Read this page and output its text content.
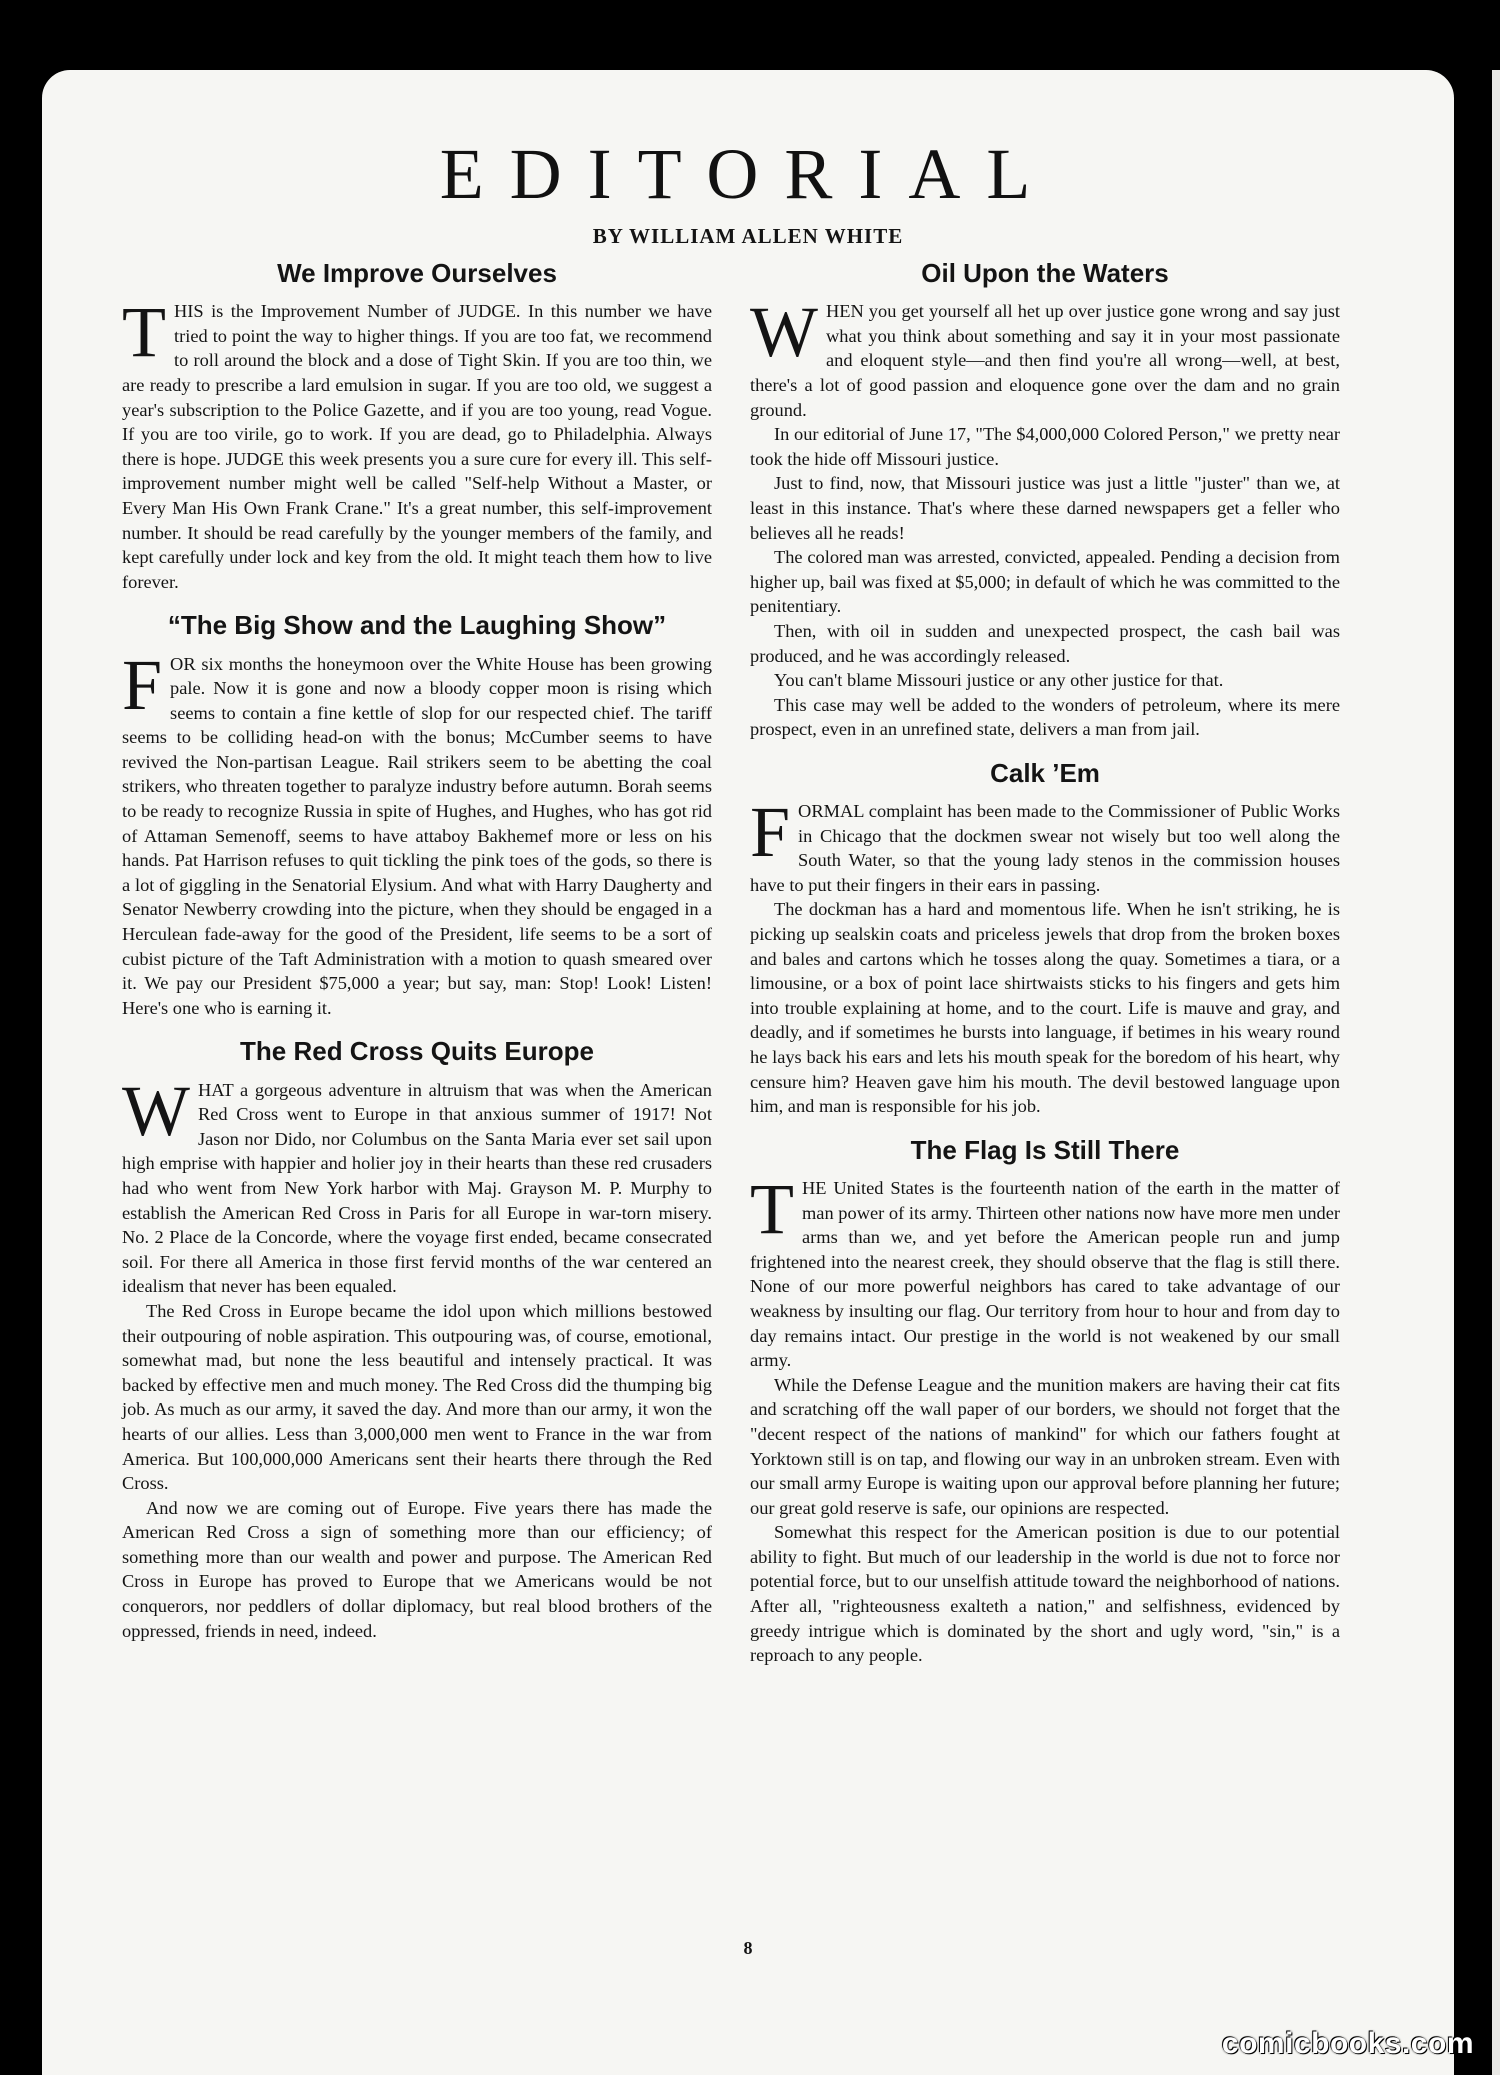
EDITORIAL
BY WILLIAM ALLEN WHITE
We Improve Ourselves

THIS is the Improvement Number of JUDGE. In this number we have tried to point the way to higher things. If you are too fat, we recommend to roll around the block and a dose of Tight Skin. If you are too thin, we are ready to prescribe a lard emulsion in sugar. If you are too old, we suggest a year's subscription to the Police Gazette, and if you are too young, read Vogue. If you are too virile, go to work. If you are dead, go to Philadelphia. Always there is hope. JUDGE this week presents you a sure cure for every ill. This self-improvement number might well be called "Self-help Without a Master, or Every Man His Own Frank Crane." It's a great number, this self-improvement number. It should be read carefully by the younger members of the family, and kept carefully under lock and key from the old. It might teach them how to live forever.

“The Big Show and the Laughing Show”

FOR six months the honeymoon over the White House has been growing pale. Now it is gone and now a bloody copper moon is rising which seems to contain a fine kettle of slop for our respected chief. The tariff seems to be colliding head-on with the bonus; McCumber seems to have revived the Non-partisan League. Rail strikers seem to be abetting the coal strikers, who threaten together to paralyze industry before autumn. Borah seems to be ready to recognize Russia in spite of Hughes, and Hughes, who has got rid of Attaman Semenoff, seems to have attaboy Bakhemef more or less on his hands. Pat Harrison refuses to quit tickling the pink toes of the gods, so there is a lot of giggling in the Senatorial Elysium. And what with Harry Daugherty and Senator Newberry crowding into the picture, when they should be engaged in a Herculean fade-away for the good of the President, life seems to be a sort of cubist picture of the Taft Administration with a motion to quash smeared over it. We pay our President $75,000 a year; but say, man: Stop! Look! Listen! Here's one who is earning it.

The Red Cross Quits Europe

WHAT a gorgeous adventure in altruism that was when the American Red Cross went to Europe in that anxious summer of 1917! Not Jason nor Dido, nor Columbus on the Santa Maria ever set sail upon high emprise with happier and holier joy in their hearts than these red crusaders had who went from New York harbor with Maj. Grayson M. P. Murphy to establish the American Red Cross in Paris for all Europe in war-torn misery. No. 2 Place de la Concorde, where the voyage first ended, became consecrated soil. For there all America in those first fervid months of the war centered an idealism that never has been equaled.

The Red Cross in Europe became the idol upon which millions bestowed their outpouring of noble aspiration. This outpouring was, of course, emotional, somewhat mad, but none the less beautiful and intensely practical. It was backed by effective men and much money. The Red Cross did the thumping big job. As much as our army, it saved the day. And more than our army, it won the hearts of our allies. Less than 3,000,000 men went to France in the war from America. But 100,000,000 Americans sent their hearts there through the Red Cross.

And now we are coming out of Europe. Five years there has made the American Red Cross a sign of something more than our efficiency; of something more than our wealth and power and purpose. The American Red Cross in Europe has proved to Europe that we Americans would be not conquerors, nor peddlers of dollar diplomacy, but real blood brothers of the oppressed, friends in need, indeed.

Oil Upon the Waters

WHEN you get yourself all het up over justice gone wrong and say just what you think about something and say it in your most passionate and eloquent style—and then find you're all wrong—well, at best, there's a lot of good passion and eloquence gone over the dam and no grain ground.

In our editorial of June 17, "The $4,000,000 Colored Person," we pretty near took the hide off Missouri justice.

Just to find, now, that Missouri justice was just a little "juster" than we, at least in this instance. That's where these darned newspapers get a feller who believes all he reads!

The colored man was arrested, convicted, appealed. Pending a decision from higher up, bail was fixed at $5,000; in default of which he was committed to the penitentiary.

Then, with oil in sudden and unexpected prospect, the cash bail was produced, and he was accordingly released.

You can't blame Missouri justice or any other justice for that.

This case may well be added to the wonders of petroleum, where its mere prospect, even in an unrefined state, delivers a man from jail.

Calk ’Em

FORMAL complaint has been made to the Commissioner of Public Works in Chicago that the dockmen swear not wisely but too well along the South Water, so that the young lady stenos in the commission houses have to put their fingers in their ears in passing.

The dockman has a hard and momentous life. When he isn't striking, he is picking up sealskin coats and priceless jewels that drop from the broken boxes and bales and cartons which he tosses along the quay. Sometimes a tiara, or a limousine, or a box of point lace shirtwaists sticks to his fingers and gets him into trouble explaining at home, and to the court. Life is mauve and gray, and deadly, and if sometimes he bursts into language, if betimes in his weary round he lays back his ears and lets his mouth speak for the boredom of his heart, why censure him? Heaven gave him his mouth. The devil bestowed language upon him, and man is responsible for his job.

The Flag Is Still There

THE United States is the fourteenth nation of the earth in the matter of man power of its army. Thirteen other nations now have more men under arms than we, and yet before the American people run and jump frightened into the nearest creek, they should observe that the flag is still there. None of our more powerful neighbors has cared to take advantage of our weakness by insulting our flag. Our territory from hour to hour and from day to day remains intact. Our prestige in the world is not weakened by our small army.

While the Defense League and the munition makers are having their cat fits and scratching off the wall paper of our borders, we should not forget that the "decent respect of the nations of mankind" for which our fathers fought at Yorktown still is on tap, and flowing our way in an unbroken stream. Even with our small army Europe is waiting upon our approval before planning her future; our great gold reserve is safe, our opinions are respected.

Somewhat this respect for the American position is due to our potential ability to fight. But much of our leadership in the world is due not to force nor potential force, but to our unselfish attitude toward the neighborhood of nations. After all, "righteousness exalteth a nation," and selfishness, evidenced by greedy intrigue which is dominated by the short and ugly word, "sin," is a reproach to any people.

8
comicbooks.com
